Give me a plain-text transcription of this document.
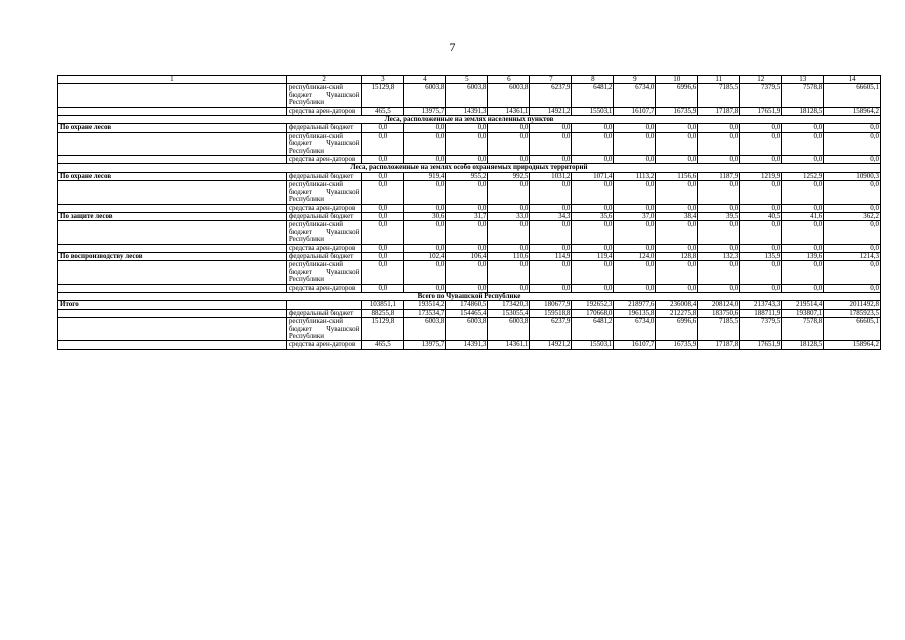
7
1	2	3	4	5	6	7	8	9	10	11	12	13	14
	республикан-ский бюджет Чувашской Республики	15129,8	6003,8	6003,8	6003,8	6237,9	6481,2	6734,0	6996,6	7185,5	7379,5	7578,8	66605,1
	средства арен-даторов	465,5	13975,7	14391,3	14361,1	14921,2	15503,1	16107,7	16735,9	17187,8	17651,9	18128,5	158964,2
Леса, расположенные на землях населенных пунктов													
По охране лесов	федеральный бюджет	0,0	0,0	0,0	0,0	0,0	0,0	0,0	0,0	0,0	0,0	0,0	0,0
	республикан-ский бюджет Чувашской Республики	0,0	0,0	0,0	0,0	0,0	0,0	0,0	0,0	0,0	0,0	0,0	0,0
	средства арен-даторов	0,0	0,0	0,0	0,0	0,0	0,0	0,0	0,0	0,0	0,0	0,0	0,0
Леса, расположенные на землях особо охраняемых природных территорий													
По охране лесов	федеральный бюджет	0,0	919,4	955,2	992,5	1031,2	1071,4	1113,2	1156,6	1187,9	1219,9	1252,9	10900,3
	республикан-ский бюджет Чувашской Республики	0,0	0,0	0,0	0,0	0,0	0,0	0,0	0,0	0,0	0,0	0,0	0,0
	средства арен-даторов	0,0	0,0	0,0	0,0	0,0	0,0	0,0	0,0	0,0	0,0	0,0	0,0
По защите лесов	федеральный бюджет	0,0	30,6	31,7	33,0	34,3	35,6	37,0	38,4	39,5	40,5	41,6	362,2
	республикан-ский бюджет Чувашской Республики	0,0	0,0	0,0	0,0	0,0	0,0	0,0	0,0	0,0	0,0	0,0	0,0
	средства арен-даторов	0,0	0,0	0,0	0,0	0,0	0,0	0,0	0,0	0,0	0,0	0,0	0,0
По воспроизводству лесов	федеральный бюджет	0,0	102,4	106,4	110,6	114,9	119,4	124,0	128,8	132,3	135,9	139,6	1214,3
	республикан-ский бюджет Чувашской Республики	0,0	0,0	0,0	0,0	0,0	0,0	0,0	0,0	0,0	0,0	0,0	0,0
	средства арен-даторов	0,0	0,0	0,0	0,0	0,0	0,0	0,0	0,0	0,0	0,0	0,0	0,0
Всего по Чувашской Республике													
Итого		103851,1	193514,2	174860,5	173420,3	180677,9	192652,3	218977,6	236008,4	208124,0	213743,3	219514,4	2011492,8
	федеральный бюджет	88255,8	173534,7	154465,4	153055,4	159518,8	170668,0	196135,8	212275,8	183750,6	188711,9	193807,1	1785923,5
	республикан-ский бюджет Чувашской Республики	15129,8	6003,8	6003,8	6003,8	6237,9	6481,2	6734,0	6996,6	7185,5	7379,5	7578,8	66605,1
	средства арен-даторов	465,5	13975,7	14391,3	14361,1	14921,2	15503,1	16107,7	16735,9	17187,8	17651,9	18128,5	158964,2
